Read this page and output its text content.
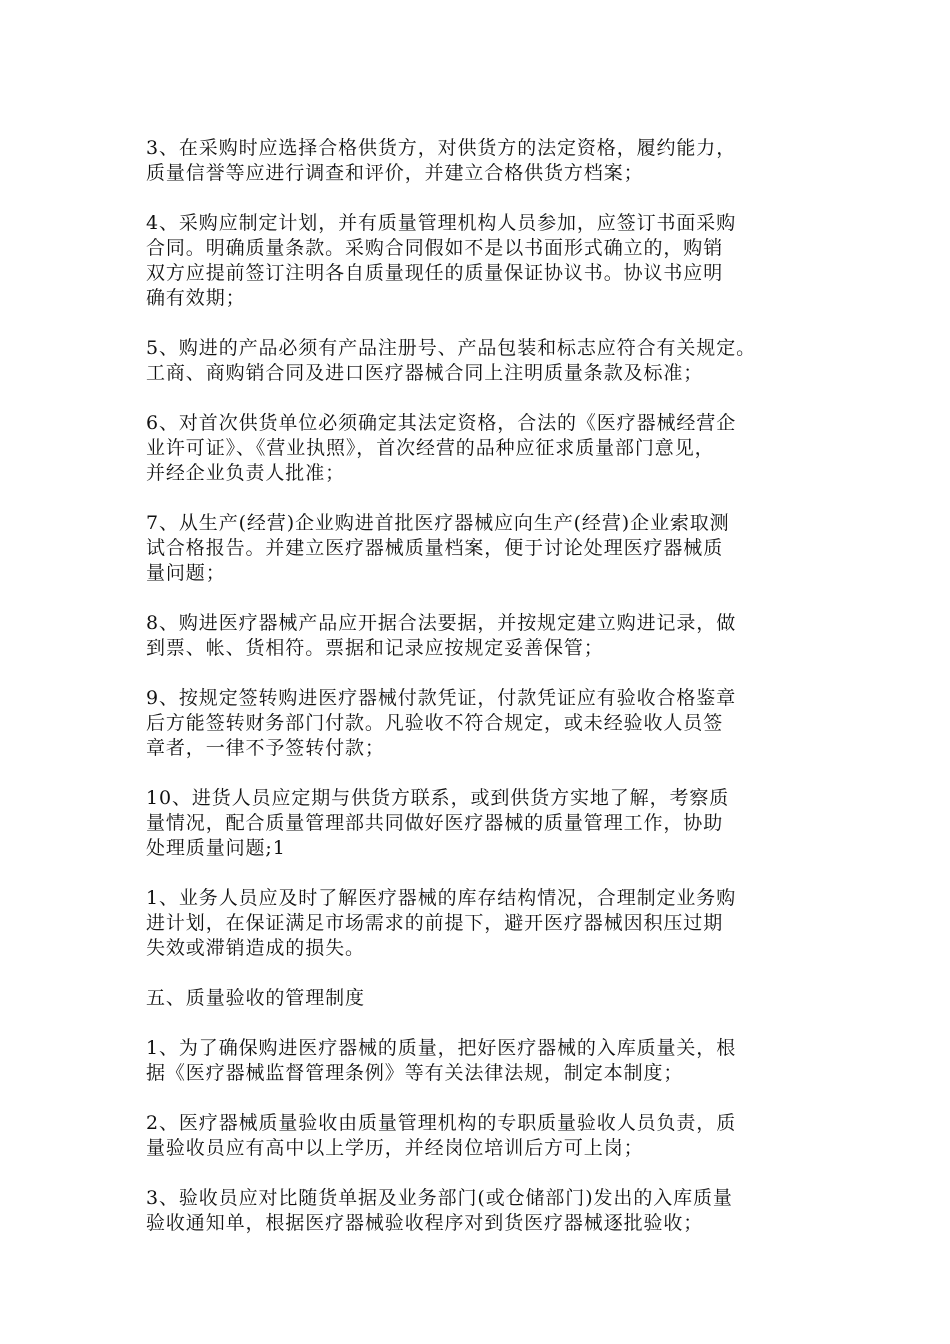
3、在采购时应选择合格供货方，对供货方的法定资格，履约能力，
质量信誉等应进行调查和评价，并建立合格供货方档案；

4、采购应制定计划，并有质量管理机构人员参加，应签订书面采购
合同。明确质量条款。采购合同假如不是以书面形式确立的，购销
双方应提前签订注明各自质量现任的质量保证协议书。协议书应明
确有效期；

5、购进的产品必须有产品注册号、产品包装和标志应符合有关规定。
工商、商购销合同及进口医疗器械合同上注明质量条款及标准；

6、对首次供货单位必须确定其法定资格，合法的《医疗器械经营企
业许可证》、《营业执照》，首次经营的品种应征求质量部门意见，
并经企业负责人批准；

7、从生产(经营)企业购进首批医疗器械应向生产(经营)企业索取测
试合格报告。并建立医疗器械质量档案，便于讨论处理医疗器械质
量问题；

8、购进医疗器械产品应开据合法要据，并按规定建立购进记录，做
到票、帐、货相符。票据和记录应按规定妥善保管；

9、按规定签转购进医疗器械付款凭证，付款凭证应有验收合格鉴章
后方能签转财务部门付款。凡验收不符合规定，或未经验收人员签
章者，一律不予签转付款；

10、进货人员应定期与供货方联系，或到供货方实地了解，考察质
量情况，配合质量管理部共同做好医疗器械的质量管理工作，协助
处理质量问题;1

1、业务人员应及时了解医疗器械的库存结构情况，合理制定业务购
进计划，在保证满足市场需求的前提下，避开医疗器械因积压过期
失效或滞销造成的损失。

五、质量验收的管理制度

1、为了确保购进医疗器械的质量，把好医疗器械的入库质量关，根
据《医疗器械监督管理条例》等有关法律法规，制定本制度；

2、医疗器械质量验收由质量管理机构的专职质量验收人员负责，质
量验收员应有高中以上学历，并经岗位培训后方可上岗；

3、验收员应对比随货单据及业务部门(或仓储部门)发出的入库质量
验收通知单，根据医疗器械验收程序对到货医疗器械逐批验收；
